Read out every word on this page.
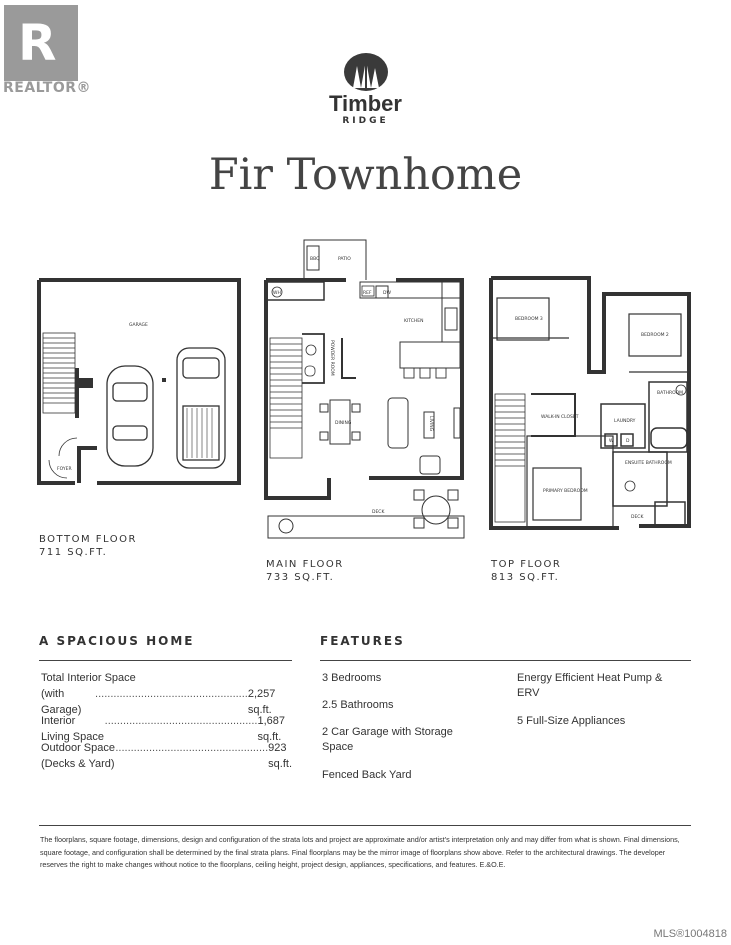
R
REALTOR®
Timber
RIDGE
Fir Townhome
GARAGE
FOYER
BOTTOM FLOOR
711 SQ.FT.
BBQ	PATIO
WH
POWDER ROOM
REF	DW
KITCHEN
DINING	LIVING
DECK
MAIN FLOOR
733 SQ.FT.
BEDROOM 3
BEDROOM 2
WALK-IN CLOSET
LAUNDRY
W	D
BATHROOM
ENSUITE BATHROOM
PRIMARY BEDROOM
DECK
TOP FLOOR
813 SQ.FT.
A SPACIOUS HOME
Total Interior Space
(with Garage)
.................................................. 2,257 sq.ft.
Interior Living Space
.................................................. 1,687 sq.ft.
Outdoor Space (Decks & Yard)
.................................................. 923 sq.ft.
FEATURES
3 Bedrooms
2.5 Bathrooms
2 Car Garage with Storage Space
Fenced Back Yard
Energy Efficient Heat Pump & ERV
5 Full-Size Appliances
The floorplans, square footage, dimensions, design and configuration of the strata lots and project are approximate and/or artist's interpretation only and may differ from what is shown. Final dimensions, square footage, and configuration shall be determined by the final strata plans. Final floorplans may be the mirror image of floorplans show above. Refer to the architectural drawings. The developer reserves the right to make changes without notice to the floorplans, ceiling height, project design, appliances, specifications, and features. E.&O.E.
MLS®1004818
